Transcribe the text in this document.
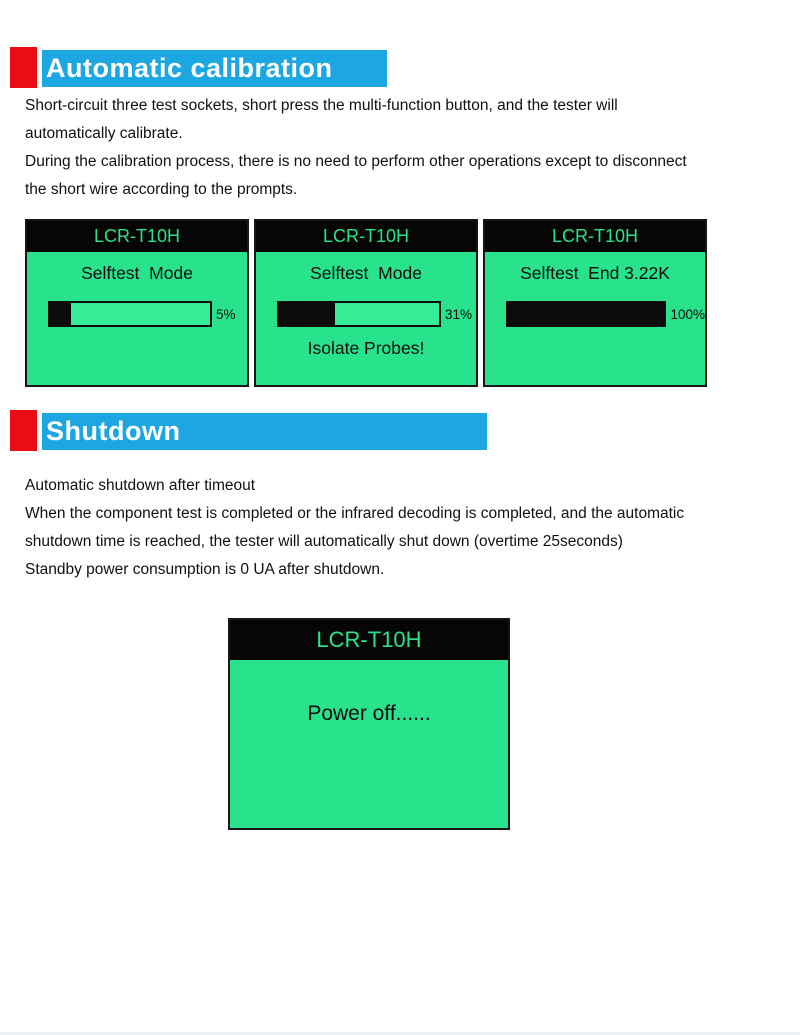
Automatic calibration
Short-circuit three test sockets, short press the multi-function button, and the tester will
automatically calibrate.
During the calibration process, there is no need to perform other operations except to disconnect
the short wire according to the prompts.
LCR-T10H
Selftest  Mode
5%
LCR-T10H
Selftest  Mode
31%
Isolate Probes!
LCR-T10H
Selftest  End 3.22K
100%
Shutdown
Automatic shutdown after timeout
When the component test is completed or the infrared decoding is completed, and the automatic
shutdown time is reached, the tester will automatically shut down (overtime 25seconds)
Standby power consumption is 0 UA after shutdown.
LCR-T10H
Power off......
